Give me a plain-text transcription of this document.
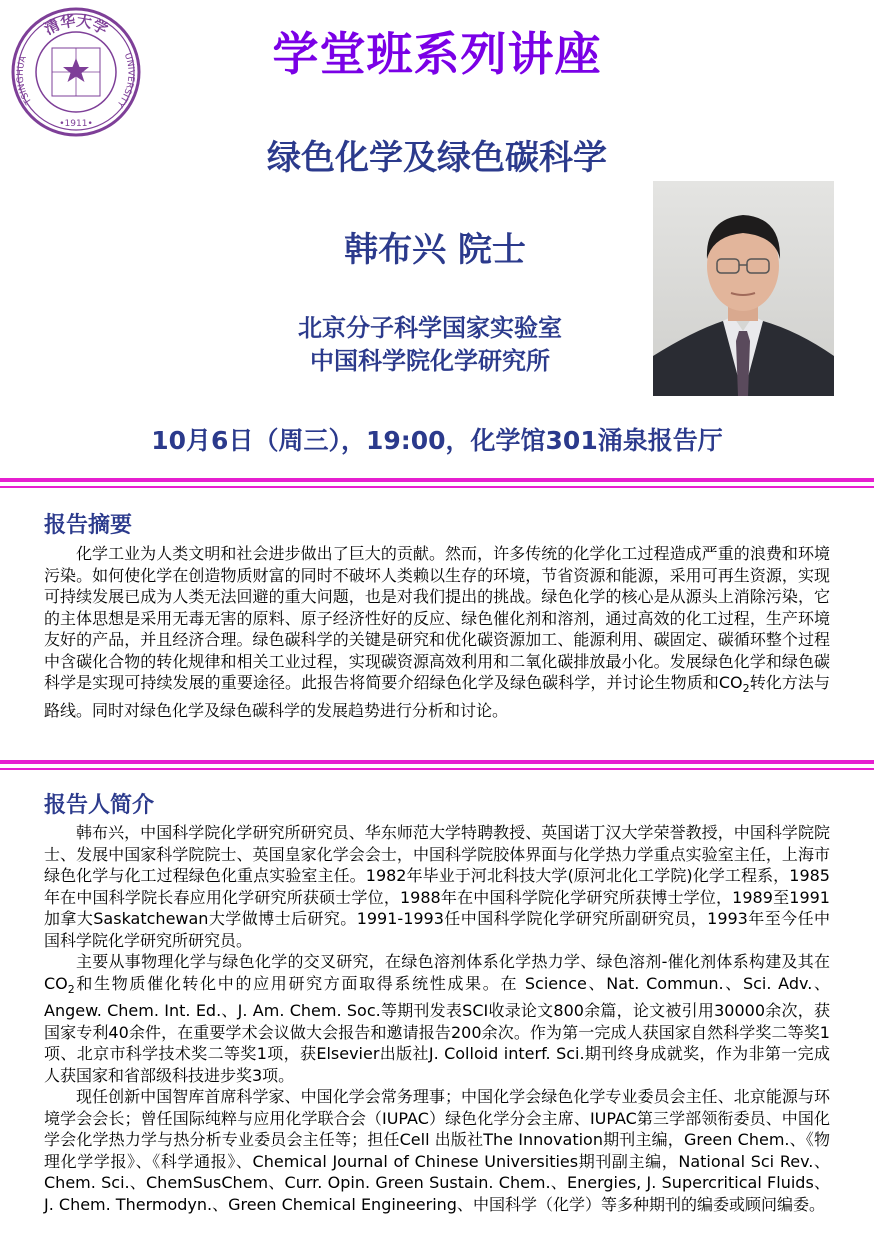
清华大学
TSINGHUA	UNIVERSITY
•1911•
学堂班系列讲座
绿色化学及绿色碳科学
韩布兴 院士
北京分子科学国家实验室
中国科学院化学研究所
10月6日（周三），19:00，化学馆301涌泉报告厅
报告摘要

化学工业为人类文明和社会进步做出了巨大的贡献。然而，许多传统的化学化工过程造成严重的浪费和环境污染。如何使化学在创造物质财富的同时不破坏人类赖以生存的环境，节省资源和能源，采用可再生资源，实现可持续发展已成为人类无法回避的重大问题，也是对我们提出的挑战。绿色化学的核心是从源头上消除污染，它的主体思想是采用无毒无害的原料、原子经济性好的反应、绿色催化剂和溶剂，通过高效的化工过程，生产环境友好的产品，并且经济合理。绿色碳科学的关键是研究和优化碳资源加工、能源利用、碳固定、碳循环整个过程中含碳化合物的转化规律和相关工业过程，实现碳资源高效利用和二氧化碳排放最小化。发展绿色化学和绿色碳科学是实现可持续发展的重要途径。此报告将简要介绍绿色化学及绿色碳科学，并讨论生物质和$CO_2$转化方法与路线。同时对绿色化学及绿色碳科学的发展趋势进行分析和讨论。

报告人简介

韩布兴，中国科学院化学研究所研究员、华东师范大学特聘教授、英国诺丁汉大学荣誉教授，中国科学院院士、发展中国家科学院院士、英国皇家化学会会士，中国科学院胶体界面与化学热力学重点实验室主任，上海市绿色化学与化工过程绿色化重点实验室主任。1982年毕业于河北科技大学(原河北化工学院)化学工程系，1985年在中国科学院长春应用化学研究所获硕士学位，1988年在中国科学院化学研究所获博士学位，1989至1991加拿大Saskatchewan大学做博士后研究。1991-1993任中国科学院化学研究所副研究员，1993年至今任中国科学院化学研究所研究员。

主要从事物理化学与绿色化学的交叉研究，在绿色溶剂体系化学热力学、绿色溶剂-催化剂体系构建及其在$CO_2$和生物质催化转化中的应用研究方面取得系统性成果。在 Science、Nat. Commun.、Sci. Adv.、Angew. Chem. Int. Ed.、J. Am. Chem. Soc.等期刊发表SCI收录论文800余篇，论文被引用30000余次，获国家专利40余件，在重要学术会议做大会报告和邀请报告200余次。作为第一完成人获国家自然科学奖二等奖1项、北京市科学技术奖二等奖1项，获Elsevier出版社J. Colloid interf. Sci.期刊终身成就奖，作为非第一完成人获国家和省部级科技进步奖3项。

现任创新中国智库首席科学家、中国化学会常务理事；中国化学会绿色化学专业委员会主任、北京能源与环境学会会长；曾任国际纯粹与应用化学联合会（IUPAC）绿色化学分会主席、IUPAC第三学部领衔委员、中国化学会化学热力学与热分析专业委员会主任等；担任Cell 出版社The Innovation期刊主编，Green Chem.、《物理化学学报》、《科学通报》、Chemical Journal of Chinese Universities期刊副主编，National Sci Rev.、Chem. Sci.、ChemSusChem、Curr. Opin. Green Sustain. Chem.、Energies, J. Supercritical Fluids、J. Chem. Thermodyn.、Green Chemical Engineering、中国科学（化学）等多种期刊的编委或顾问编委。
